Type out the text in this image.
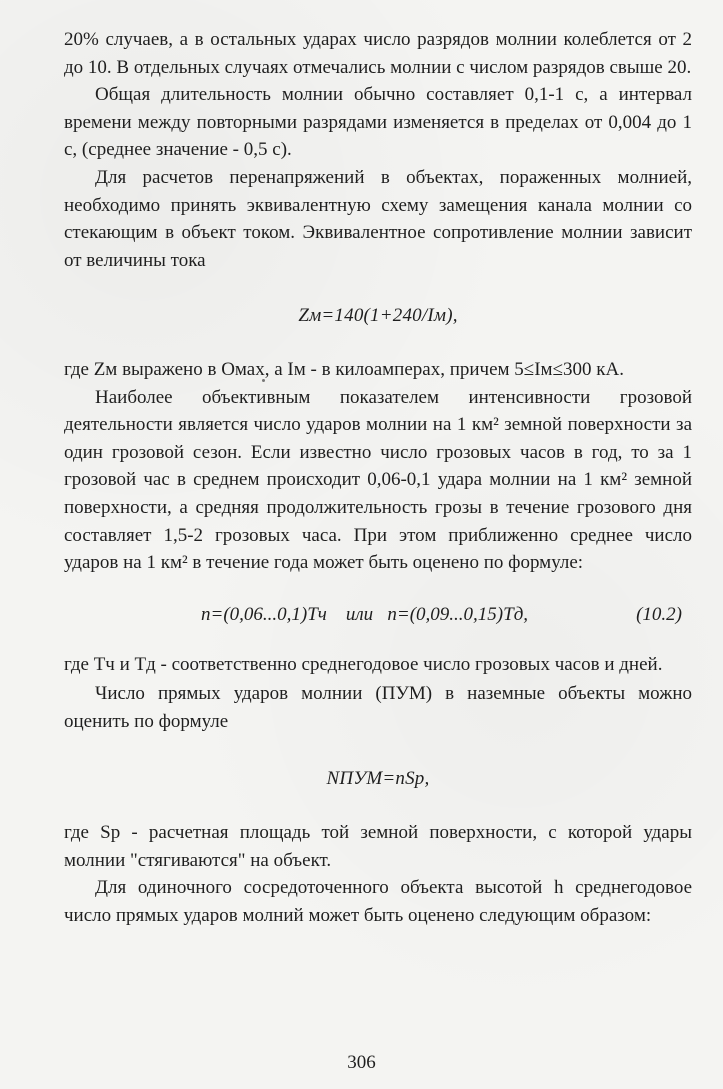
20% случаев, а в остальных ударах число разрядов молнии колеблется от 2 до 10. В отдельных случаях отмечались молнии с числом разрядов свыше 20.

Общая длительность молнии обычно составляет 0,1-1 с, а интервал времени между повторными разрядами изменяется в пределах от 0,004 до 1 с, (среднее значение - 0,5 с).

Для расчетов перенапряжений в объектах, пораженных молнией, необходимо принять эквивалентную схему замещения канала молнии со стекающим в объект током. Эквивалентное сопротивление молнии зависит от величины тока

Zм=140(1+240/Iм),

где Zм выражено в Омах, а Iм - в килоамперах, причем 5≤Iм≤300 кА.

Наиболее объективным показателем интенсивности грозовой деятельности является число ударов молнии на 1 км² земной поверхности за один грозовой сезон. Если известно число грозовых часов в год, то за 1 грозовой час в среднем происходит 0,06-0,1 удара молнии на 1 км² земной поверхности, а средняя продолжительность грозы в течение грозового дня составляет 1,5-2 грозовых часа. При этом приближенно среднее число ударов на 1 км² в течение года может быть оценено по формуле:

n=(0,06...0,1)Tч или n=(0,09...0,15)Tд,	(10.2)

где Tч и Tд - соответственно среднегодовое число грозовых часов и дней.

Число прямых ударов молнии (ПУМ) в наземные объекты можно оценить по формуле

NПУМ=nSр,

где Sр - расчетная площадь той земной поверхности, с которой удары молнии "стягиваются" на объект.

Для одиночного сосредоточенного объекта высотой h среднегодовое число прямых ударов молний может быть оценено следующим образом:

306
